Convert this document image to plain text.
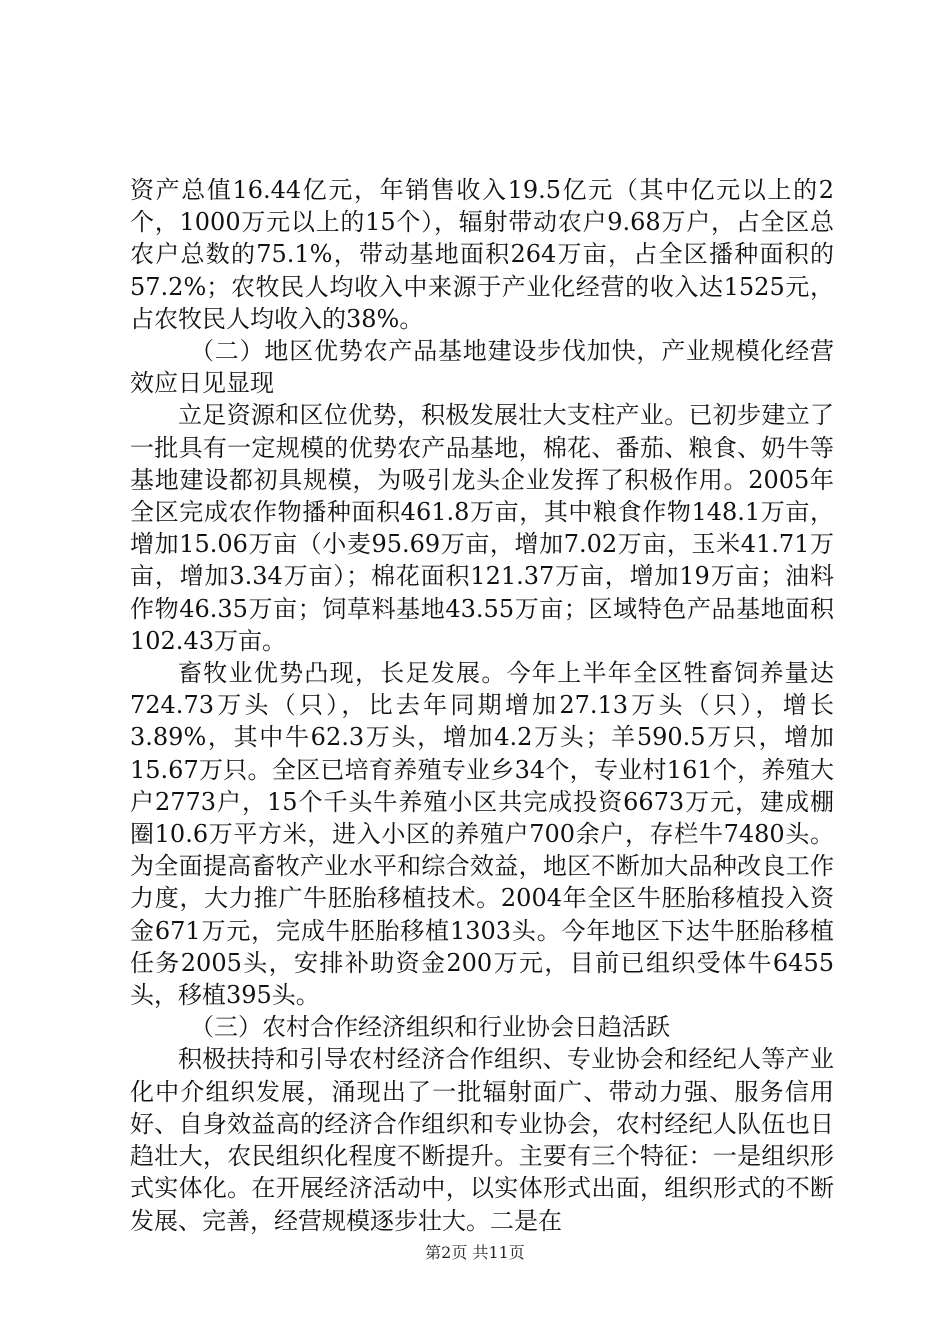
资产总值16.44亿元，年销售收入19.5亿元（其中亿元以上的2个，1000万元以上的15个），辐射带动农户9.68万户，占全区总农户总数的75.1%，带动基地面积264万亩，占全区播种面积的57.2%；农牧民人均收入中来源于产业化经营的收入达1525元，占农牧民人均收入的38%。

（二）地区优势农产品基地建设步伐加快，产业规模化经营效应日见显现

立足资源和区位优势，积极发展壮大支柱产业。已初步建立了一批具有一定规模的优势农产品基地，棉花、番茄、粮食、奶牛等基地建设都初具规模，为吸引龙头企业发挥了积极作用。2005年全区完成农作物播种面积461.8万亩，其中粮食作物148.1万亩，增加15.06万亩（小麦95.69万亩，增加7.02万亩，玉米41.71万亩，增加3.34万亩）；棉花面积121.37万亩，增加19万亩；油料作物46.35万亩；饲草料基地43.55万亩；区域特色产品基地面积102.43万亩。

畜牧业优势凸现，长足发展。今年上半年全区牲畜饲养量达724.73万头（只），比去年同期增加27.13万头（只），增长3.89%，其中牛62.3万头，增加4.2万头；羊590.5万只，增加15.67万只。全区已培育养殖专业乡34个，专业村161个，养殖大户2773户，15个千头牛养殖小区共完成投资6673万元，建成棚圈10.6万平方米，进入小区的养殖户700余户，存栏牛7480头。为全面提高畜牧产业水平和综合效益，地区不断加大品种改良工作力度，大力推广牛胚胎移植技术。2004年全区牛胚胎移植投入资金671万元，完成牛胚胎移植1303头。今年地区下达牛胚胎移植任务2005头，安排补助资金200万元，目前已组织受体牛6455头，移植395头。

（三）农村合作经济组织和行业协会日趋活跃

积极扶持和引导农村经济合作组织、专业协会和经纪人等产业化中介组织发展，涌现出了一批辐射面广、带动力强、服务信用好、自身效益高的经济合作组织和专业协会，农村经纪人队伍也日趋壮大，农民组织化程度不断提升。主要有三个特征：一是组织形式实体化。在开展经济活动中，以实体形式出面，组织形式的不断发展、完善，经营规模逐步壮大。二是在

第2页 共11页
